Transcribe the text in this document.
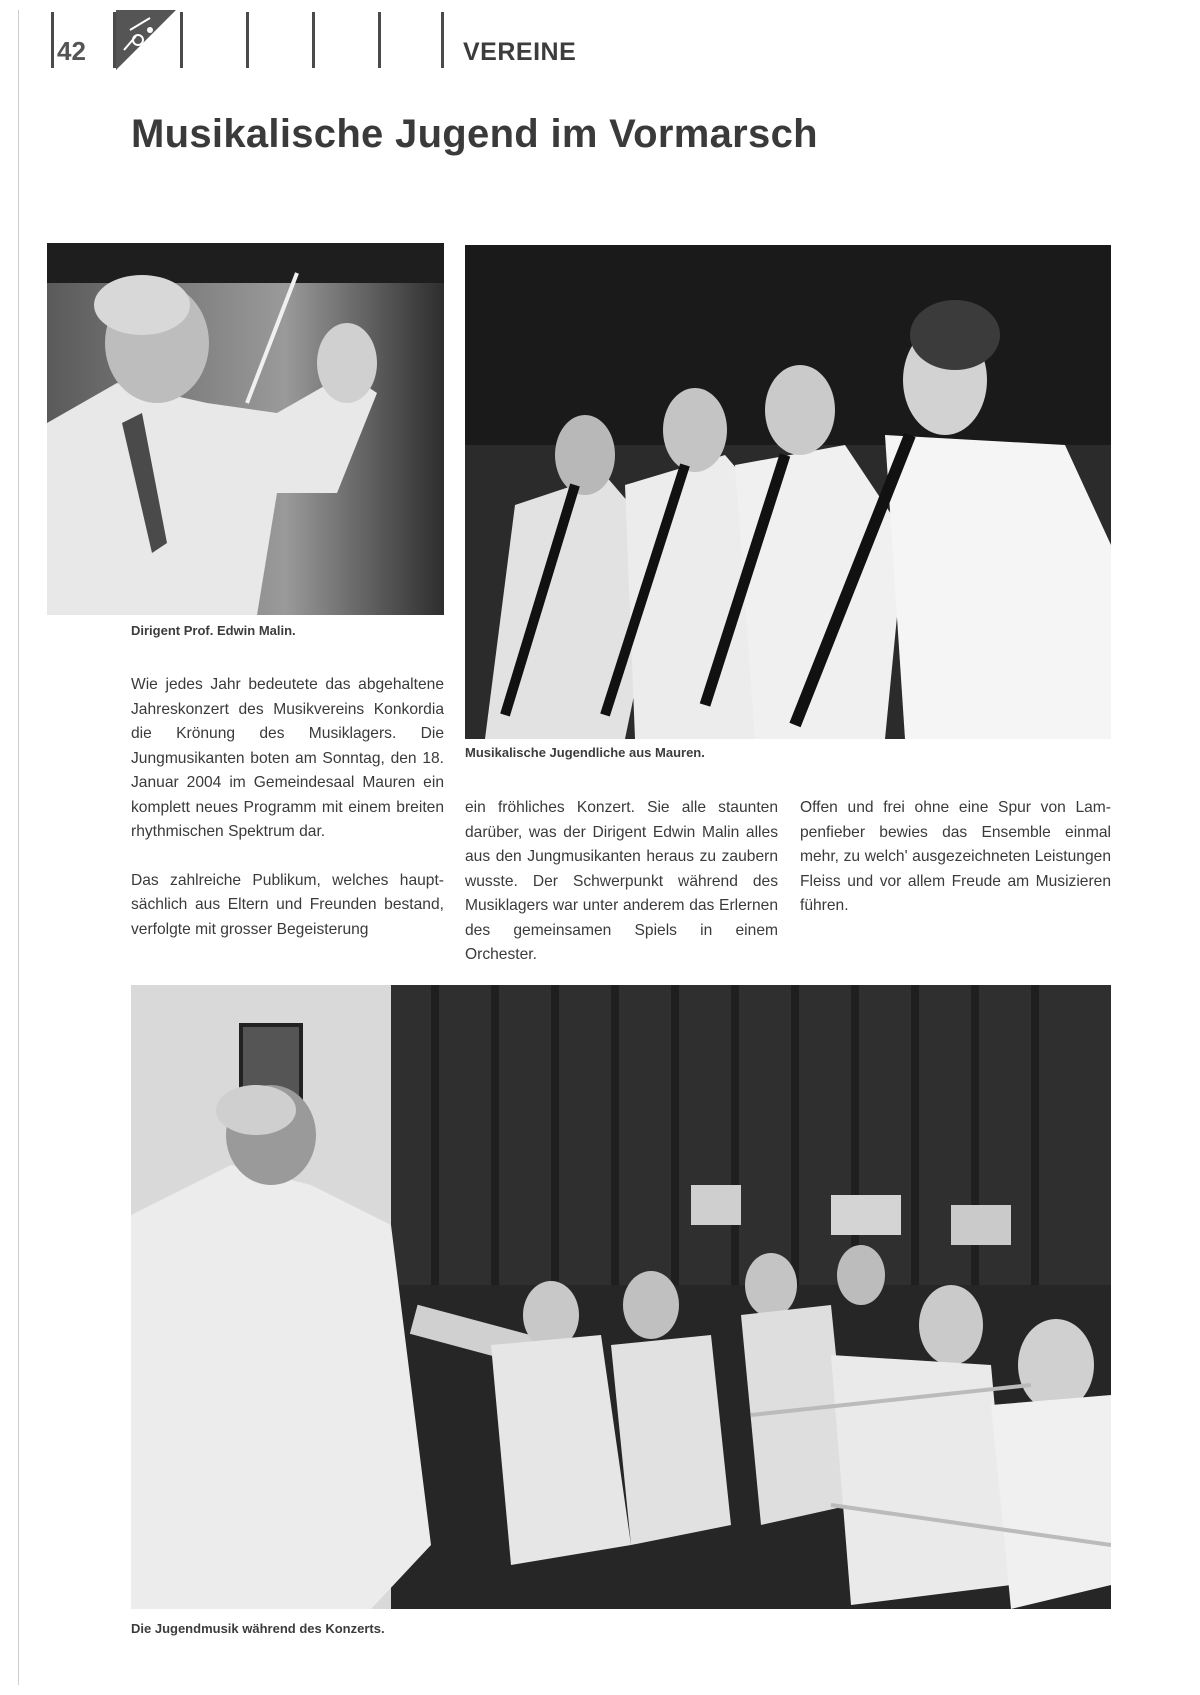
42	VEREINE
Musikalische Jugend im Vormarsch
Dirigent Prof. Edwin Malin.
Musikalische Jugendliche aus Mauren.

Wie jedes Jahr bedeutete das abgehaltene Jahreskonzert des Musikvereins Konkordia die Krönung des Musiklagers. Die Jungmusikanten boten am Sonntag, den 18. Januar 2004 im Gemeindesaal Mauren ein komplett neues Programm mit einem breiten rhythmischen Spektrum dar.

Das zahlreiche Publikum, welches hauptsächlich aus Eltern und Freunden bestand, verfolgte mit grosser Begeisterung

ein fröhliches Konzert. Sie alle staunten darüber, was der Dirigent Edwin Malin alles aus den Jungmusikanten heraus zu zaubern wusste. Der Schwerpunkt während des Musiklagers war unter anderem das Erlernen des gemeinsamen Spiels in einem Orchester.

Offen und frei ohne eine Spur von Lampenfieber bewies das Ensemble einmal mehr, zu welch' ausgezeichneten Leistungen Fleiss und vor allem Freude am Musizieren führen.

Die Jugendmusik während des Konzerts.
